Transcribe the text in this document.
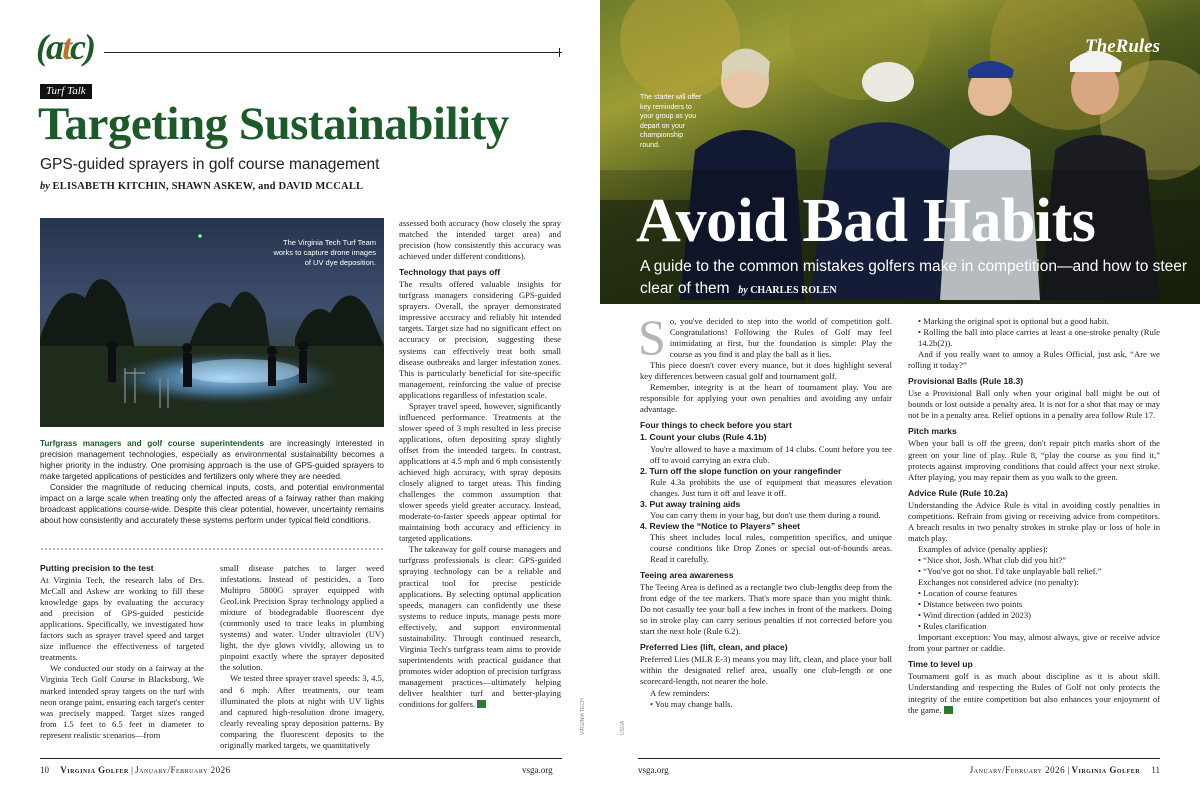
(atc)
Turf Talk
Targeting Sustainability
GPS-guided sprayers in golf course management
by ELISABETH KITCHIN, SHAWN ASKEW, and DAVID MCCALL
The Virginia Tech Turf Team works to capture drone images of UV dye deposition.

assessed both accuracy (how closely the spray matched the intended target area) and precision (how consistently this accuracy was achieved under different conditions).

Technology that pays off

The results offered valuable insights for turfgrass managers considering GPS-guided sprayers. Overall, the sprayer demonstrated impressive accuracy and reliably hit intended targets. Target size had no significant effect on accuracy or precision, suggesting these systems can effectively treat both small disease outbreaks and larger infestation zones. This is particularly beneficial for site-specific management, reinforcing the value of precise applications regardless of infestation scale.

Sprayer travel speed, however, significantly influenced performance. Treatments at the slower speed of 3 mph resulted in less precise applications, often depositing spray slightly offset from the intended targets. In contrast, applications at 4.5 mph and 6 mph consistently achieved high accuracy, with spray deposits closely aligned to target areas. This finding challenges the common assumption that slower speeds yield greater accuracy. Instead, moderate-to-faster speeds appear optimal for maintaining both accuracy and efficiency in targeted applications.

The takeaway for golf course managers and turfgrass professionals is clear: GPS-guided spraying technology can be a reliable and practical tool for precise pesticide applications. By selecting optimal application speeds, managers can confidently use these systems to reduce inputs, manage pests more effectively, and support environmental sustainability. Through continued research, Virginia Tech's turfgrass team aims to provide superintendents with practical guidance that promotes wider adoption of precision turfgrass management practices—ultimately helping deliver healthier turf and better-playing conditions for golfers.

Turfgrass managers and golf course superintendents are increasingly interested in precision management technologies, especially as environmental sustainability becomes a higher priority in the industry. One promising approach is the use of GPS-guided sprayers to make targeted applications of pesticides and fertilizers only where they are needed.

Consider the magnitude of reducing chemical inputs, costs, and potential environmental impact on a large scale when treating only the affected areas of a fairway rather than making broadcast applications course-wide. Despite this clear potential, however, uncertainty remains about how consistently and accurately these systems perform under typical field conditions.

Putting precision to the test

At Virginia Tech, the research labs of Drs. McCall and Askew are working to fill these knowledge gaps by evaluating the accuracy and precision of GPS-guided pesticide applications. Specifically, we investigated how factors such as sprayer travel speed and target size influence the effectiveness of targeted treatments.

We conducted our study on a fairway at the Virginia Tech Golf Course in Blacksburg. We marked intended spray targets on the turf with neon orange paint, ensuring each target's center was precisely mapped. Target sizes ranged from 1.5 feet to 6.5 feet in diameter to represent realistic scenarios—from

small disease patches to larger weed infestations. Instead of pesticides, a Toro Multipro 5800G sprayer equipped with GeoLink Precision Spray technology applied a mixture of biodegradable fluorescent dye (commonly used to trace leaks in plumbing systems) and water. Under ultraviolet (UV) light, the dye glows vividly, allowing us to pinpoint exactly where the sprayer deposited the solution.

We tested three sprayer travel speeds: 3, 4.5, and 6 mph. After treatments, our team illuminated the plots at night with UV lights and captured high-resolution drone imagery, clearly revealing spray deposition patterns. By comparing the fluorescent deposits to the originally marked targets, we quantitatively

VIRGINIA TECH
10 Virginia Golfer | January/February 2026	vsga.org
TheRules
The starter will offer key reminders to your group as you depart on your championship round.
Avoid Bad Habits
A guide to the common mistakes golfers make in competition—and how to steer clear of them by CHARLES ROLEN
USGA

So, you've decided to step into the world of competition golf. Congratulations! Following the Rules of Golf may feel intimidating at first, but the foundation is simple: Play the course as you find it and play the ball as it lies.

This piece doesn't cover every nuance, but it does highlight several key differences between casual golf and tournament golf.

Remember, integrity is at the heart of tournament play. You are responsible for applying your own penalties and avoiding any unfair advantage.

Four things to check before you start
1. Count your clubs (Rule 4.1b)
You're allowed to have a maximum of 14 clubs. Count before you tee off to avoid carrying an extra club.
2. Turn off the slope function on your rangefinder
Rule 4.3a prohibits the use of equipment that measures elevation changes. Just turn it off and leave it off.
3. Put away training aids
You can carry them in your bag, but don't use them during a round.
4. Review the “Notice to Players” sheet
This sheet includes local rules, competition specifics, and unique course conditions like Drop Zones or special out-of-bounds areas. Read it carefully.
Teeing area awareness

The Teeing Area is defined as a rectangle two club-lengths deep from the front edge of the tee markers. That's more space than you might think. Do not casually tee your ball a few inches in front of the markers. Doing so in stroke play can carry serious penalties if not corrected before you start the next hole (Rule 6.2).

Preferred Lies (lift, clean, and place)

Preferred Lies (MLR E-3) means you may lift, clean, and place your ball within the designated relief area, usually one club-length or one scorecard-length, not nearer the hole.

A few reminders:

• You may change balls.

• Marking the original spot is optional but a good habit.

• Rolling the ball into place carries at least a one-stroke penalty (Rule 14.2b(2)).

And if you really want to annoy a Rules Official, just ask, “Are we rolling it today?”

Provisional Balls (Rule 18.3)

Use a Provisional Ball only when your original ball might be out of bounds or lost outside a penalty area. It is not for a shot that may or may not be in a penalty area. Relief options in a penalty area follow Rule 17.

Pitch marks

When your ball is off the green, don't repair pitch marks short of the green on your line of play. Rule 8, “play the course as you find it,” protects against improving conditions that could affect your next stroke. After playing, you may repair them as you walk to the green.

Advice Rule (Rule 10.2a)

Understanding the Advice Rule is vital in avoiding costly penalties in competitions. Refrain from giving or receiving advice from competitors. A breach results in two penalty strokes in stroke play or loss of hole in match play.

Examples of advice (penalty applies):

• “Nice shot, Josh. What club did you hit?”

• “You've got no shot. I'd take unplayable ball relief.”

Exchanges not considered advice (no penalty):

• Location of course features

• Distance between two points

• Wind direction (added in 2023)

• Rules clarification

Important exception: You may, almost always, give or receive advice from your partner or caddie.

Time to level up

Tournament golf is as much about discipline as it is about skill. Understanding and respecting the Rules of Golf not only protects the integrity of the entire competition but also enhances your enjoyment of the game.

vsga.org	January/February 2026 | Virginia Golfer 11
